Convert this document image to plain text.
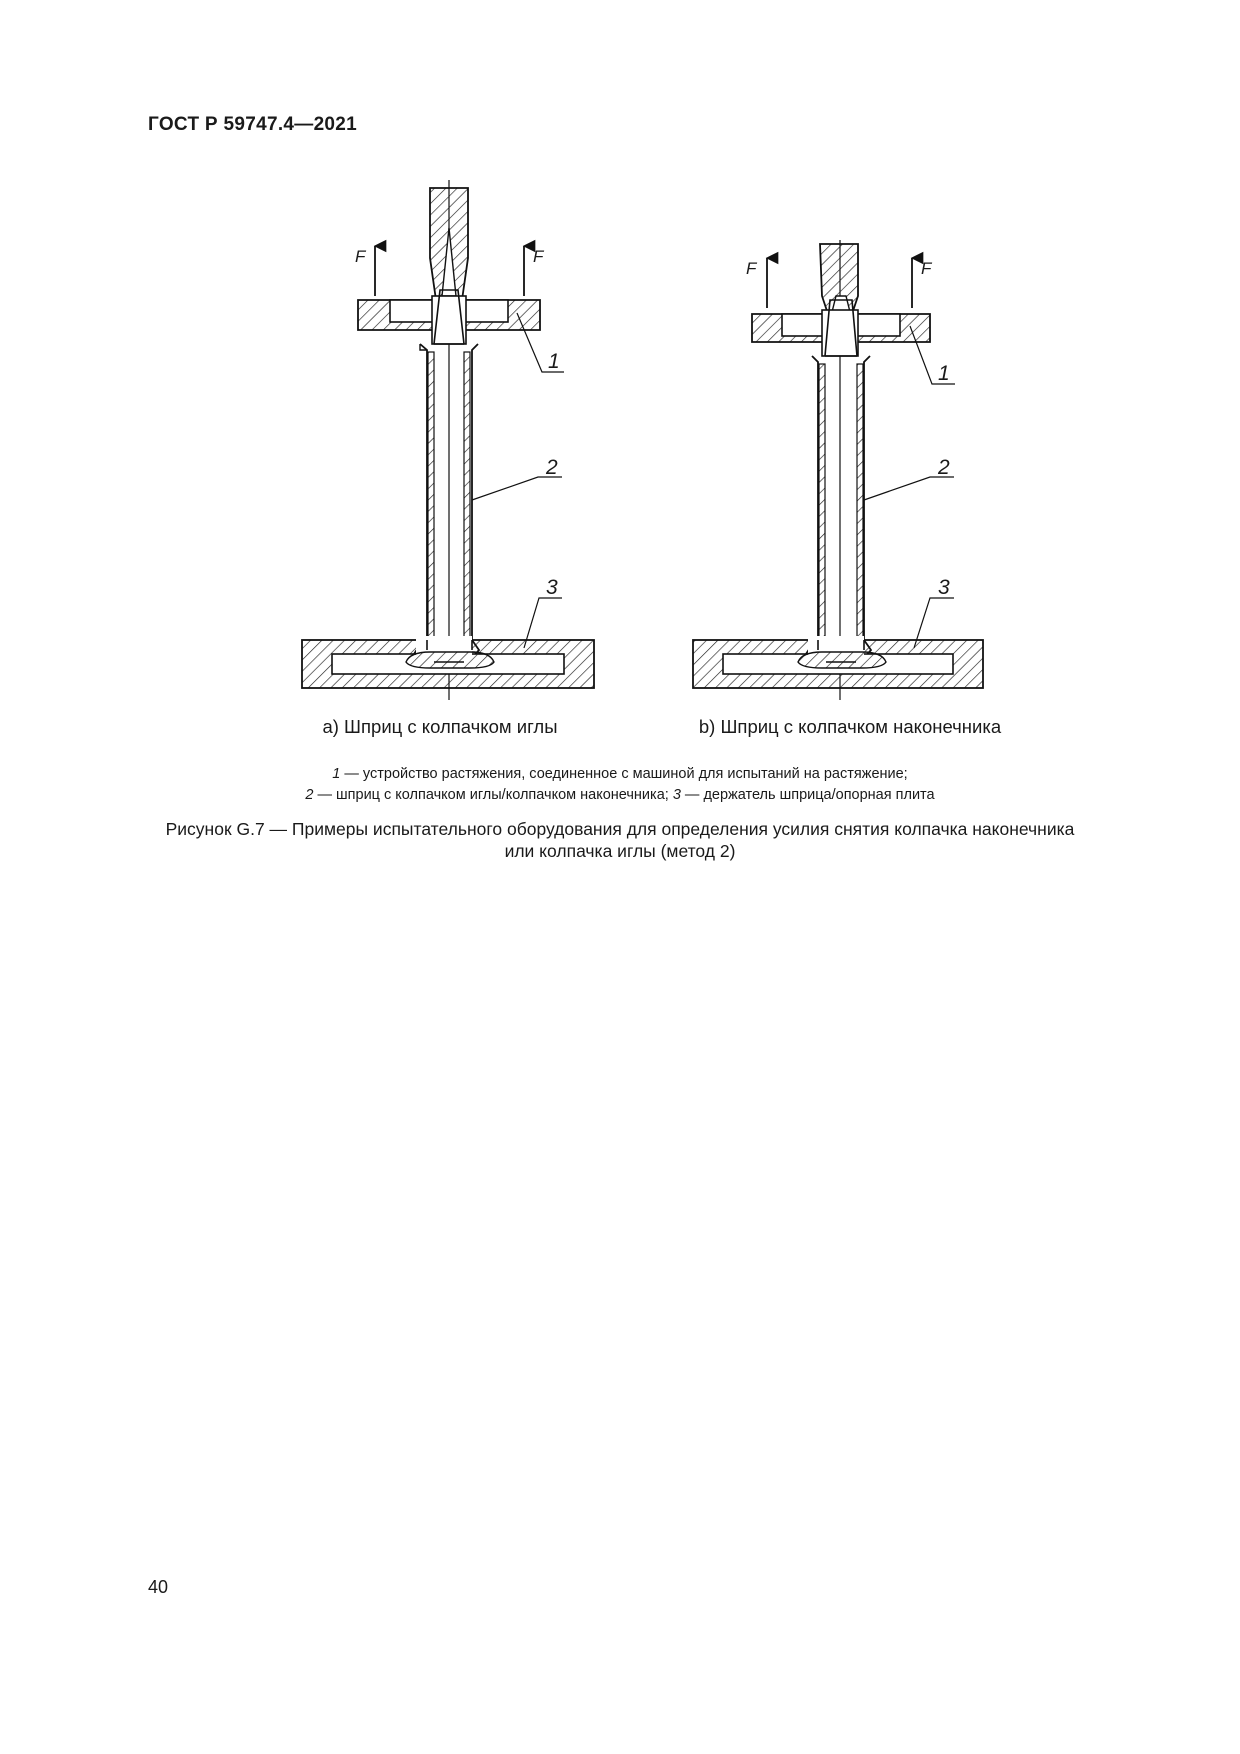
ГОСТ Р 59747.4—2021
F	F
1
2
3
F	F
1
2
3
а) Шприц с колпачком иглы	b) Шприц с колпачком наконечника
1 — устройство растяжения, соединенное с машиной для испытаний на растяжение;
2 — шприц с колпачком иглы/колпачком наконечника; 3 — держатель шприца/опорная плита
Рисунок G.7 — Примеры испытательного оборудования для определения усилия снятия колпачка наконечника
или колпачка иглы (метод 2)
40
